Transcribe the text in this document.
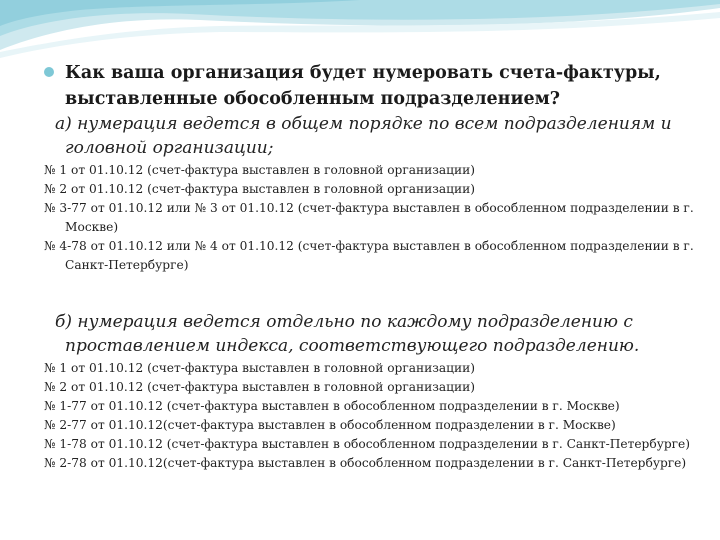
Как ваша организация будет нумеровать счета-фактуры,
выставленные обособленным подразделением?
а) нумерация ведется в общем порядке по всем подразделениям и
головной организации;
№ 1 от 01.10.12 (счет-фактура выставлен в головной организации)
№ 2 от 01.10.12 (счет-фактура выставлен в головной организации)
№ 3-77 от 01.10.12 или № 3 от 01.10.12 (счет-фактура выставлен в обособленном подразделении в г.
Москве)
№ 4-78 от 01.10.12 или № 4 от 01.10.12 (счет-фактура выставлен в обособленном подразделении в г.
Санкт-Петербурге)
б) нумерация ведется отдельно по каждому подразделению с
проставлением индекса, соответствующего подразделению.
№ 1 от 01.10.12 (счет-фактура выставлен в головной организации)
№ 2 от 01.10.12 (счет-фактура выставлен в головной организации)
№ 1-77 от 01.10.12 (счет-фактура выставлен в обособленном подразделении в г. Москве)
№ 2-77 от 01.10.12(счет-фактура выставлен в обособленном подразделении в г. Москве)
№ 1-78 от 01.10.12 (счет-фактура выставлен в обособленном подразделении в г. Санкт-Петербурге)
№ 2-78 от 01.10.12(счет-фактура выставлен в обособленном подразделении в г. Санкт-Петербурге)
